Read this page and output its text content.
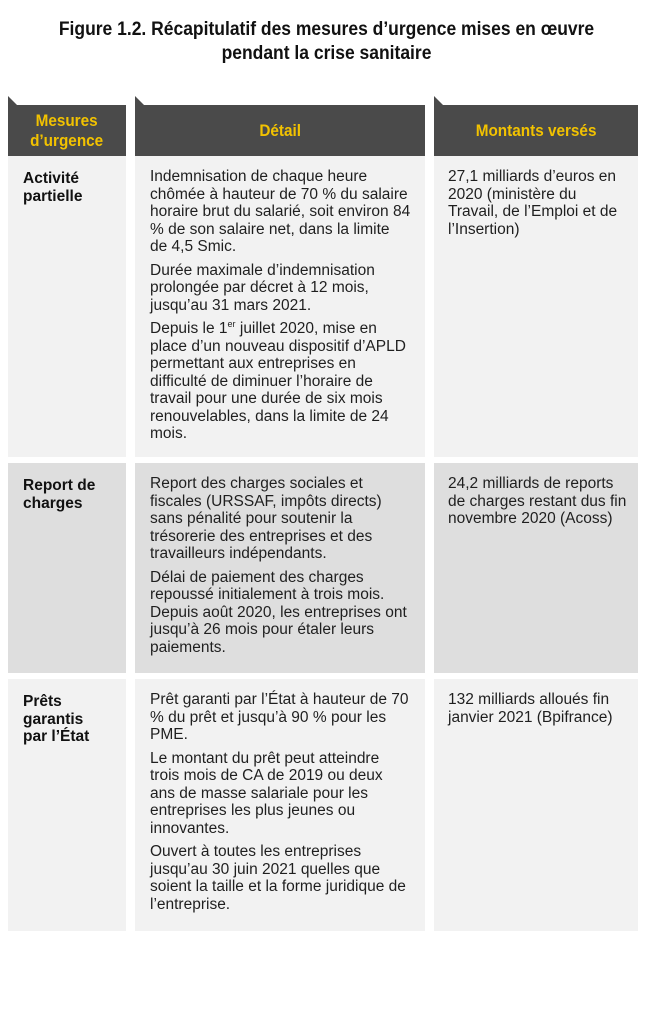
Figure 1.2. Récapitulatif des mesures d’urgence mises en œuvre
pendant la crise sanitaire
Mesures
d’urgence
Détail	Montants versés
Activité
partielle

Indemnisation de chaque heure chômée à hauteur de 70 % du salaire horaire brut du salarié, soit environ 84 % de son salaire net, dans la limite de 4,5 Smic.

Durée maximale d’indemnisation prolongée par décret à 12 mois, jusqu’au 31 mars 2021.

Depuis le 1er juillet 2020, mise en place d’un nouveau dispositif d’APLD permettant aux entreprises en difficulté de diminuer l’horaire de travail pour une durée de six mois renouvelables, dans la limite de 24 mois.

27,1 milliards d’euros en 2020 (ministère du Travail, de l’Emploi et de l’Insertion)

Report de
charges

Report des charges sociales et fiscales (URSSAF, impôts directs) sans pénalité pour soutenir la trésorerie des entreprises et des travailleurs indépendants.

Délai de paiement des charges repoussé initialement à trois mois. Depuis août 2020, les entreprises ont jusqu’à 26 mois pour étaler leurs paiements.

24,2 milliards de reports de charges restant dus fin novembre 2020 (Acoss)

Prêts
garantis
par l’État

Prêt garanti par l’État à hauteur de 70 % du prêt et jusqu’à 90 % pour les PME.

Le montant du prêt peut atteindre trois mois de CA de 2019 ou deux ans de masse salariale pour les entreprises les plus jeunes ou innovantes.

Ouvert à toutes les entreprises jusqu’au 30 juin 2021 quelles que soient la taille et la forme juridique de l’entreprise.

132 milliards alloués fin janvier 2021 (Bpifrance)
